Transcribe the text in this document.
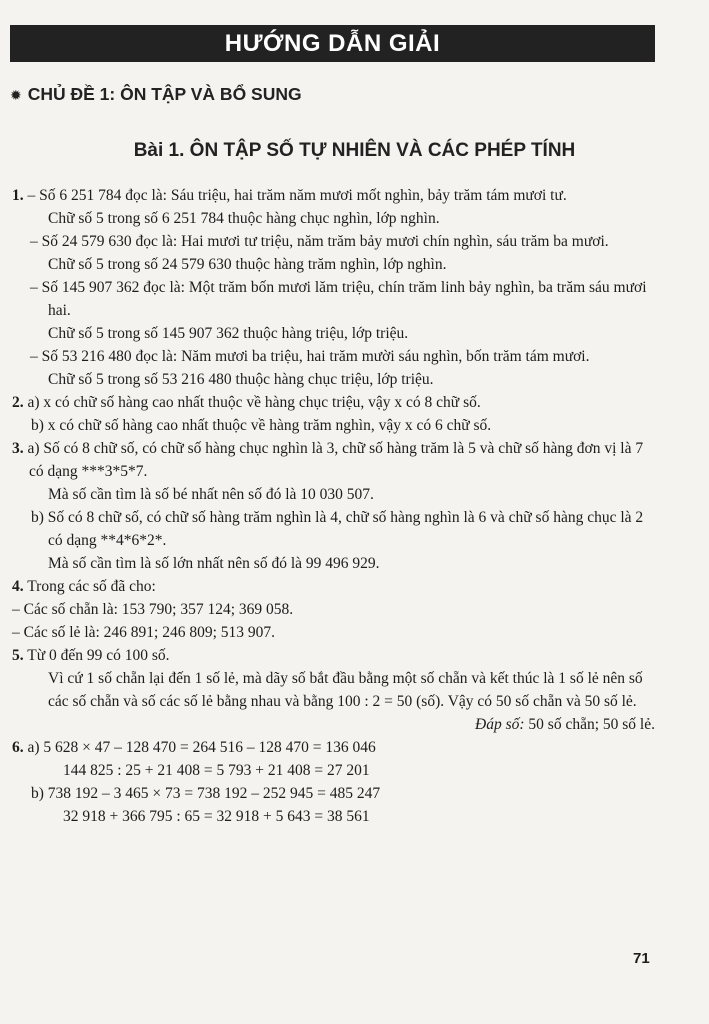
HƯỚNG DẪN GIẢI
✹ CHỦ ĐỀ 1: ÔN TẬP VÀ BỔ SUNG
Bài 1. ÔN TẬP SỐ TỰ NHIÊN VÀ CÁC PHÉP TÍNH

1. – Số 6 251 784 đọc là: Sáu triệu, hai trăm năm mươi mốt nghìn, bảy trăm tám mươi tư.

Chữ số 5 trong số 6 251 784 thuộc hàng chục nghìn, lớp nghìn.

– Số 24 579 630 đọc là: Hai mươi tư triệu, năm trăm bảy mươi chín nghìn, sáu trăm ba mươi.

Chữ số 5 trong số 24 579 630 thuộc hàng trăm nghìn, lớp nghìn.

– Số 145 907 362 đọc là: Một trăm bốn mươi lăm triệu, chín trăm linh bảy nghìn, ba trăm sáu mươi hai.

Chữ số 5 trong số 145 907 362 thuộc hàng triệu, lớp triệu.

– Số 53 216 480 đọc là: Năm mươi ba triệu, hai trăm mười sáu nghìn, bốn trăm tám mươi.

Chữ số 5 trong số 53 216 480 thuộc hàng chục triệu, lớp triệu.

2. a) x có chữ số hàng cao nhất thuộc về hàng chục triệu, vậy x có 8 chữ số.

b) x có chữ số hàng cao nhất thuộc về hàng trăm nghìn, vậy x có 6 chữ số.

3. a) Số có 8 chữ số, có chữ số hàng chục nghìn là 3, chữ số hàng trăm là 5 và chữ số hàng đơn vị là 7 có dạng ***3*5*7.

Mà số cần tìm là số bé nhất nên số đó là 10 030 507.

b) Số có 8 chữ số, có chữ số hàng trăm nghìn là 4, chữ số hàng nghìn là 6 và chữ số hàng chục là 2 có dạng **4*6*2*.

Mà số cần tìm là số lớn nhất nên số đó là 99 496 929.

4. Trong các số đã cho:

– Các số chẵn là: 153 790; 357 124; 369 058.

– Các số lẻ là: 246 891; 246 809; 513 907.

5. Từ 0 đến 99 có 100 số.

Vì cứ 1 số chẵn lại đến 1 số lẻ, mà dãy số bắt đầu bằng một số chẵn và kết thúc là 1 số lẻ nên số các số chẵn và số các số lẻ bằng nhau và bằng 100 : 2 = 50 (số). Vậy có 50 số chẵn và 50 số lẻ.

Đáp số: 50 số chẵn; 50 số lẻ.

6. a) 5 628 × 47 – 128 470 = 264 516 – 128 470 = 136 046

144 825 : 25 + 21 408 = 5 793 + 21 408 = 27 201

b) 738 192 – 3 465 × 73 = 738 192 – 252 945 = 485 247

32 918 + 366 795 : 65 = 32 918 + 5 643 = 38 561

71
